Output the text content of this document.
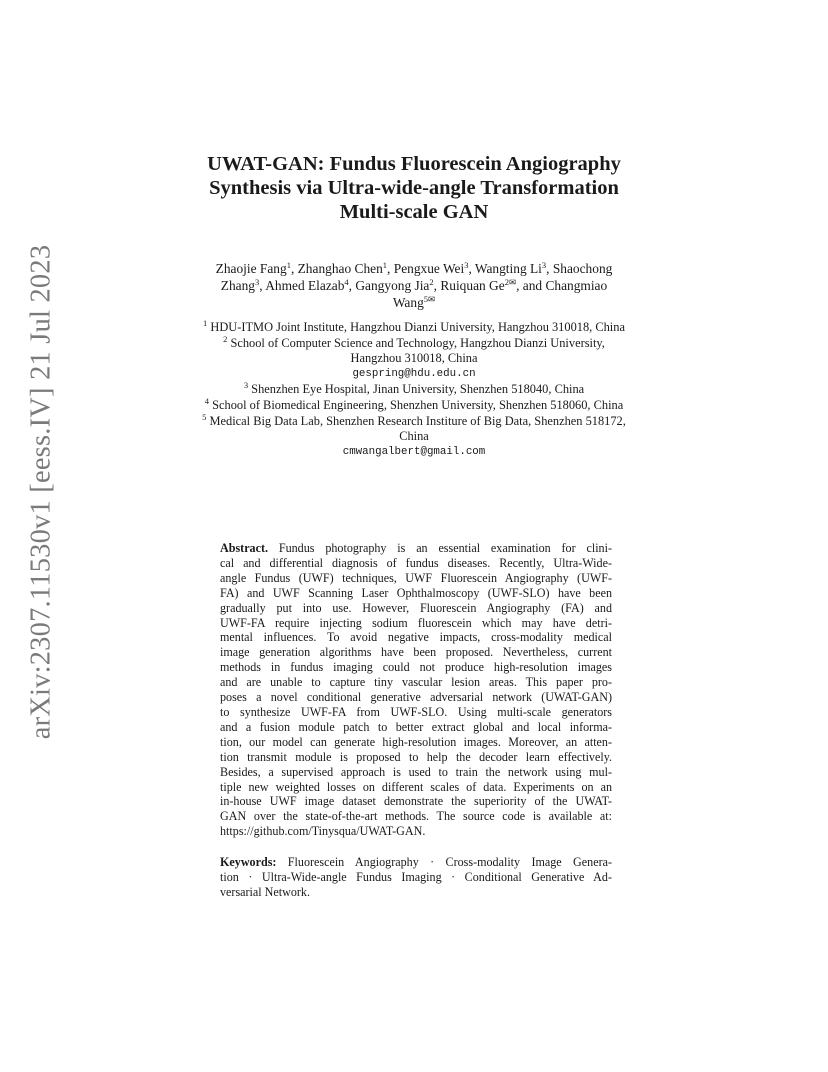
arXiv:2307.11530v1 [eess.IV] 21 Jul 2023
UWAT-GAN: Fundus Fluorescein Angiography
Synthesis via Ultra-wide-angle Transformation
Multi-scale GAN
Zhaojie Fang$^1$, Zhanghao Chen$^1$, Pengxue Wei$^3$, Wangting Li$^3$, Shaochong
Zhang$^3$, Ahmed Elazab$^4$, Gangyong Jia$^2$, Ruiquan $Ge^{2✉}$, and Changmiao
Wang$^{5✉}$
$^1$ HDU-ITMO Joint Institute, Hangzhou Dianzi University, Hangzhou 310018, China
$^2$ School of Computer Science and Technology, Hangzhou Dianzi University,
Hangzhou 310018, China
gespring@hdu.edu.cn
$^3$ Shenzhen Eye Hospital, Jinan University, Shenzhen 518040, China
$^4$ School of Biomedical Engineering, Shenzhen University, Shenzhen 518060, China
$^5$ Medical Big Data Lab, Shenzhen Research Institure of Big Data, Shenzhen 518172,
China
cmwangalbert@gmail.com
Abstract. Fundus photography is an essential examination for clini-
cal and differential diagnosis of fundus diseases. Recently, Ultra-Wide-
angle Fundus (UWF) techniques, UWF Fluorescein Angiography (UWF-
FA) and UWF Scanning Laser Ophthalmoscopy (UWF-SLO) have been
gradually put into use. However, Fluorescein Angiography (FA) and
UWF-FA require injecting sodium fluorescein which may have detri-
mental influences. To avoid negative impacts, cross-modality medical
image generation algorithms have been proposed. Nevertheless, current
methods in fundus imaging could not produce high-resolution images
and are unable to capture tiny vascular lesion areas. This paper pro-
poses a novel conditional generative adversarial network (UWAT-GAN)
to synthesize UWF-FA from UWF-SLO. Using multi-scale generators
and a fusion module patch to better extract global and local informa-
tion, our model can generate high-resolution images. Moreover, an atten-
tion transmit module is proposed to help the decoder learn effectively.
Besides, a supervised approach is used to train the network using mul-
tiple new weighted losses on different scales of data. Experiments on an
in-house UWF image dataset demonstrate the superiority of the UWAT-
GAN over the state-of-the-art methods. The source code is available at:
https://github.com/Tinysqua/UWAT-GAN.
Keywords: Fluorescein Angiography · Cross-modality Image Genera-
tion · Ultra-Wide-angle Fundus Imaging · Conditional Generative Ad-
versarial Network.
